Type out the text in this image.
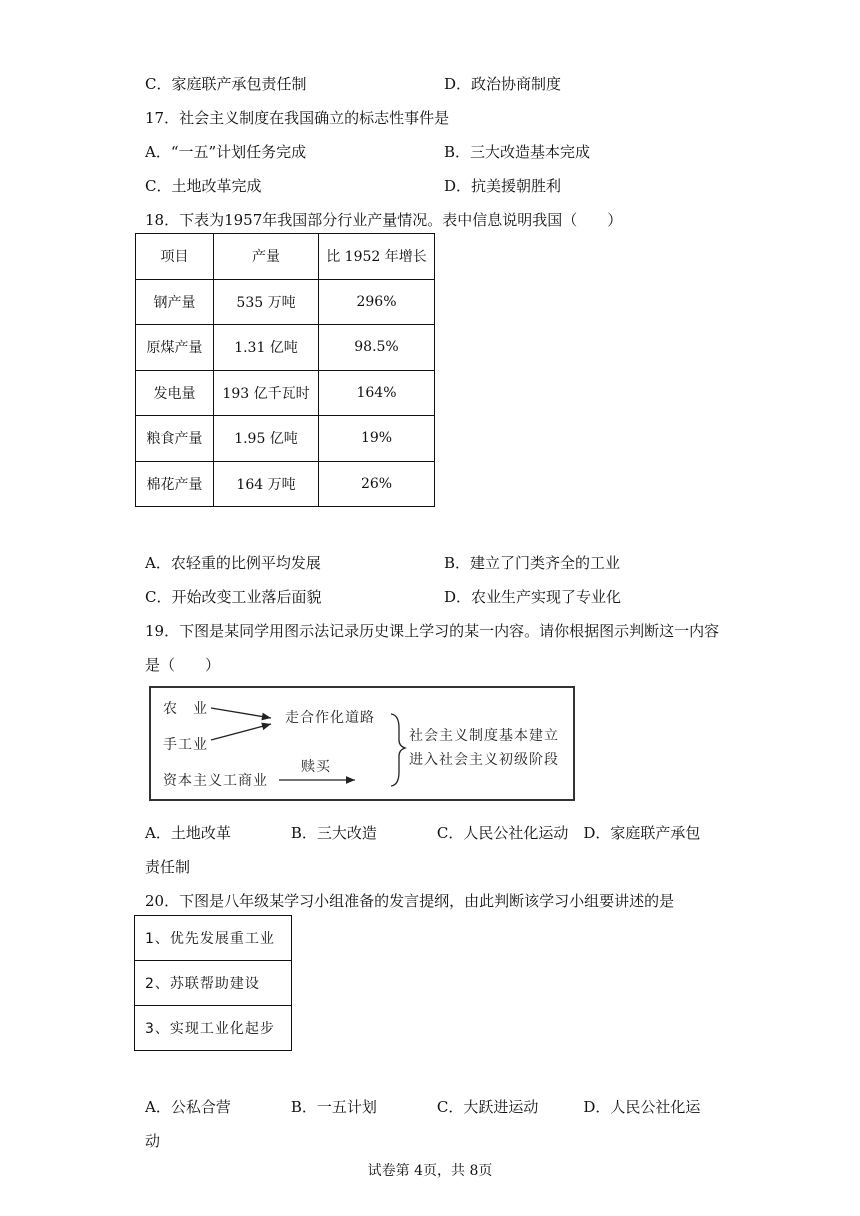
C．家庭联产承包责任制	D．政治协商制度
17．社会主义制度在我国确立的标志性事件是
A．“一五”计划任务完成	B．三大改造基本完成
C．土地改革完成	D．抗美援朝胜利
18．下表为1957年我国部分行业产量情况。表中信息说明我国（　　）
项目	产量	比 1952 年增长
钢产量	535 万吨	296%
原煤产量	1.31 亿吨	98.5%
发电量	193 亿千瓦时	164%
粮食产量	1.95 亿吨	19%
棉花产量	164 万吨	26%
A．农轻重的比例平均发展	B．建立了门类齐全的工业
C．开始改变工业落后面貌	D．农业生产实现了专业化
19．下图是某同学用图示法记录历史课上学习的某一内容。请你根据图示判断这一内容
是（　　）
农　业
手工业
资本主义工商业
走合作化道路
赎买
社会主义制度基本建立
进入社会主义初级阶段
A．土地改革　　　　B．三大改造　　　　C．人民公社化运动　D．家庭联产承包
责任制
20．下图是八年级某学习小组准备的发言提纲，由此判断该学习小组要讲述的是
1、优先发展重工业
2、苏联帮助建设
3、实现工业化起步
A．公私合营　　　　B．一五计划　　　　C．大跃进运动　　　D．人民公社化运
动
试卷第 4页，共 8页
